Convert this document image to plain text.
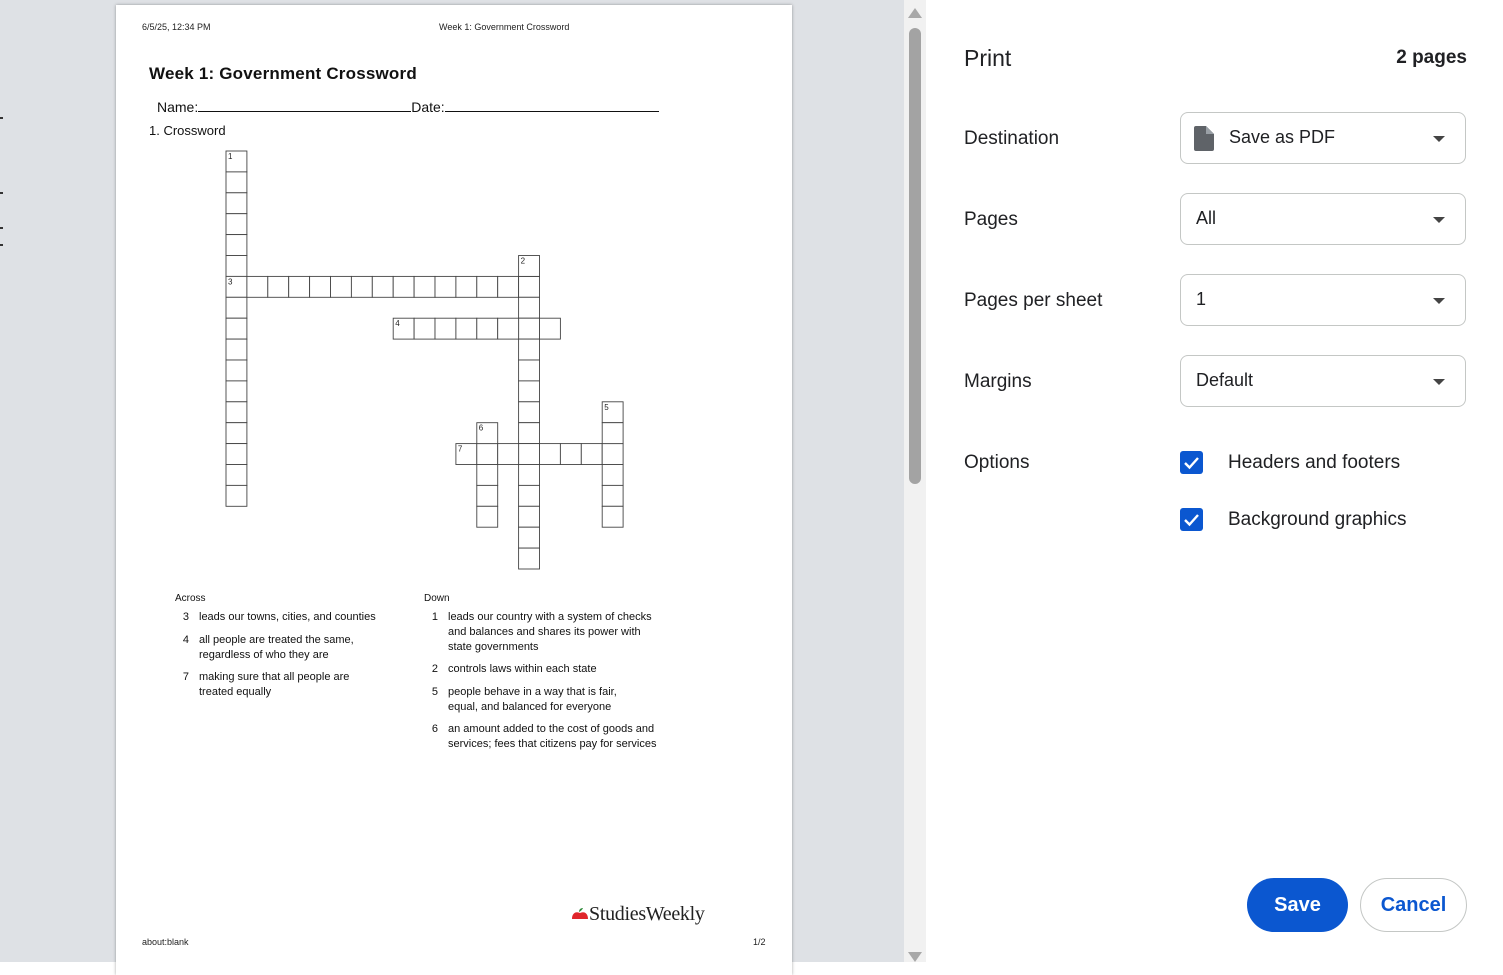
6/5/25, 12:34 PM	Week 1: Government Crossword
Week 1: Government Crossword
Name:	Date:
1. Crossword
1
2
3
4
5
6
7
Across	Down
3 leads our towns, cities, and counties
4 all people are treated the same, regardless of who they are
7 making sure that all people are treated equally
1 leads our country with a system of checks and balances and shares its power with state governments
2 controls laws within each state
5 people behave in a way that is fair, equal, and balanced for everyone
6 an amount added to the cost of goods and services; fees that citizens pay for services
StudiesWeekly
about:blank	1/2
Print	2 pages
Destination	Save as PDF
Pages	All
Pages per sheet	1
Margins	Default
Options	Headers and footers
Background graphics
Save	Cancel
